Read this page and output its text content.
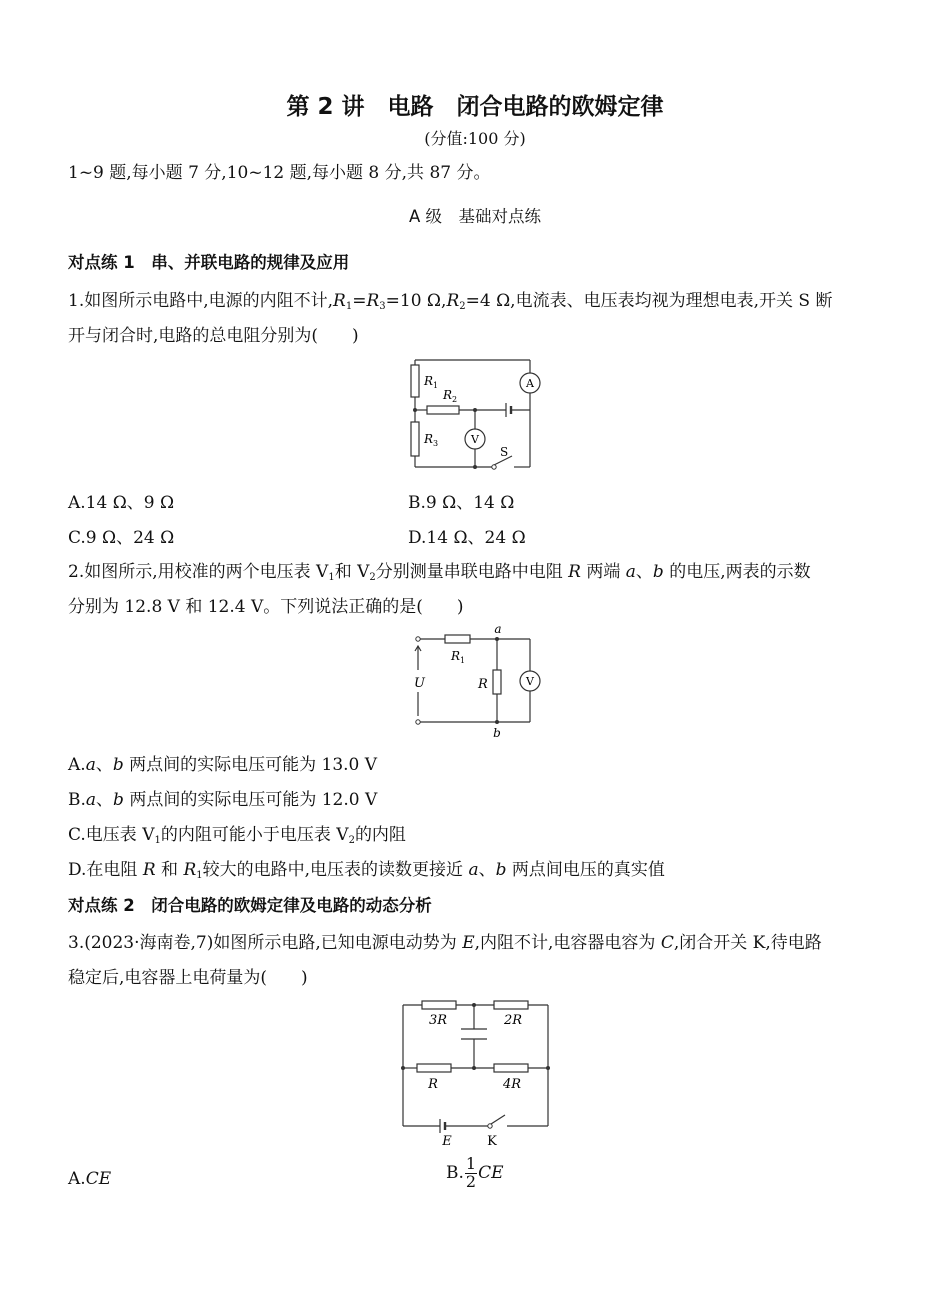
第 2 讲　电路　闭合电路的欧姆定律
(分值:100 分)
1~9 题,每小题 7 分,10~12 题,每小题 8 分,共 87 分。
A 级　基础对点练
对点练 1　串、并联电路的规律及应用
1.如图所示电路中,电源的内阻不计$,R_1=R_3=10$ $\Omega,R_2=4$ Ω,电流表、电压表均视为理想电表,开关 S 断
开与闭合时,电路的总电阻分别为(　　)
$R_1$
$R_2$
$R_3$
A
V
S
A.14 Ω、9 Ω	B.9 Ω、14 Ω
C.9 Ω、24 Ω	D.14 Ω、24 Ω
2.如图所示,用校准的两个电压表 $V_1$和 $V_2$分别测量串联电路中电阻 R 两端 a、b 的电压,两表的示数
分别为 12.8 V 和 12.4 V。下列说法正确的是(　　)
a
b
U	R
$R_1$
V
A.a、b 两点间的实际电压可能为 13.0 V
B.a、b 两点间的实际电压可能为 12.0 V
C.电压表 $V_1$的内阻可能小于电压表 $V_2$的内阻
D.在电阻 R 和 $R_1$较大的电路中,电压表的读数更接近 a、b 两点间电压的真实值
对点练 2　闭合电路的欧姆定律及电路的动态分析
3.(2023·海南卷,7)如图所示电路,已知电源电动势为 E,内阻不计,电容器电容为 C,闭合开关 K,待电路
稳定后,电容器上电荷量为(　　)
3R	2R
R	4R
E	K
A.CE	B. $\frac{1}{2}$ CE
